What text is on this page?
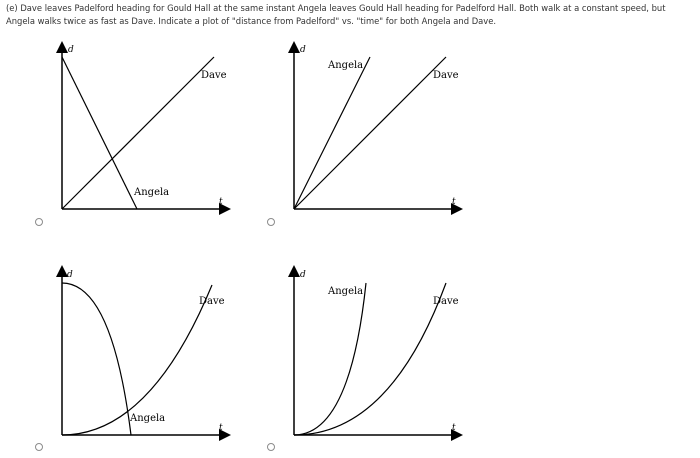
(e) Dave leaves Padelford heading for Gould Hall at the same instant Angela leaves Gould Hall heading for Padelford Hall. Both walk at a constant speed, but Angela walks twice as fast as Dave. Indicate a plot of "distance from Padelford" vs. "time" for both Angela and Dave.

d
t
Dave
Angela
d
t
Angela
Dave
d
t
Dave
Angela
d
t
Angela
Dave
